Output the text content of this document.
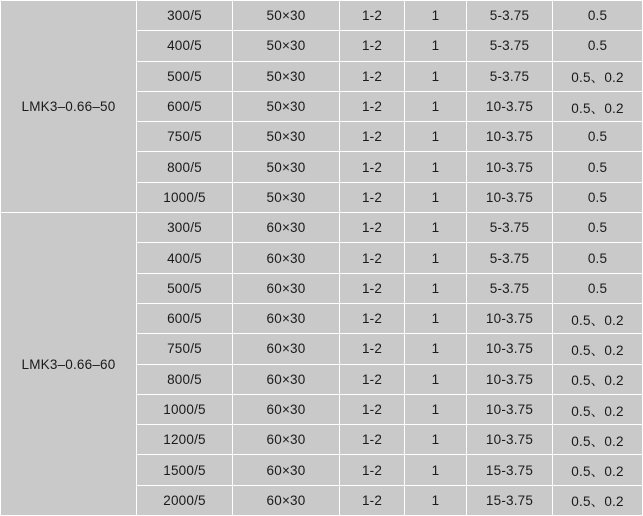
LMK3–0.66–50	300/5	50×30	1-2	1	5-3.75	0.5
	400/5	50×30	1-2	1	5-3.75	0.5
	500/5	50×30	1-2	1	5-3.75	0.5、0.2
	600/5	50×30	1-2	1	10-3.75	0.5、0.2
	750/5	50×30	1-2	1	10-3.75	0.5
	800/5	50×30	1-2	1	10-3.75	0.5
	1000/5	50×30	1-2	1	10-3.75	0.5
LMK3–0.66–60	300/5	60×30	1-2	1	5-3.75	0.5
	400/5	60×30	1-2	1	5-3.75	0.5
	500/5	60×30	1-2	1	5-3.75	0.5
	600/5	60×30	1-2	1	10-3.75	0.5、0.2
	750/5	60×30	1-2	1	10-3.75	0.5、0.2
	800/5	60×30	1-2	1	10-3.75	0.5、0.2
	1000/5	60×30	1-2	1	10-3.75	0.5、0.2
	1200/5	60×30	1-2	1	10-3.75	0.5、0.2
	1500/5	60×30	1-2	1	15-3.75	0.5、0.2
	2000/5	60×30	1-2	1	15-3.75	0.5、0.2
